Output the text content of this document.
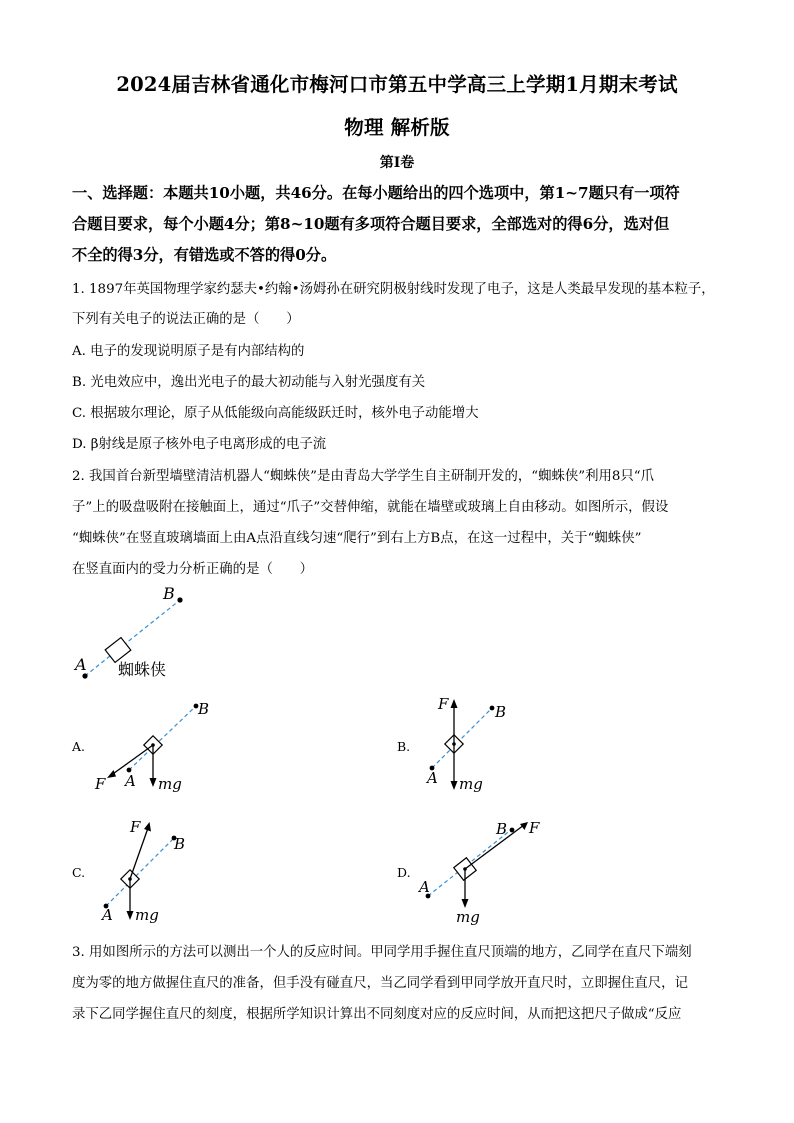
2024届吉林省通化市梅河口市第五中学高三上学期1月期末考试
物理 解析版
第Ⅰ卷
一、选择题：本题共10小题，共46分。在每小题给出的四个选项中，第1~7题只有一项符
合题目要求，每个小题4分；第8~10题有多项符合题目要求，全部选对的得6分，选对但
不全的得3分，有错选或不答的得0分。
1. 1897年英国物理学家约瑟夫•约翰•汤姆孙在研究阴极射线时发现了电子，这是人类最早发现的基本粒子，
下列有关电子的说法正确的是（　　）
A. 电子的发现说明原子是有内部结构的
B. 光电效应中，逸出光电子的最大初动能与入射光强度有关
C. 根据玻尔理论，原子从低能级向高能级跃迁时，核外电子动能增大
D. β射线是原子核外电子电离形成的电子流
2. 我国首台新型墙壁清洁机器人“蜘蛛侠”是由青岛大学学生自主研制开发的，“蜘蛛侠”利用8只“爪
子”上的吸盘吸附在接触面上，通过“爪子”交替伸缩，就能在墙壁或玻璃上自由移动。如图所示，假设
“蜘蛛侠”在竖直玻璃墙面上由A点沿直线匀速“爬行”到右上方B点，在这一过程中，关于“蜘蛛侠”
在竖直面内的受力分析正确的是（　　）
A
B
蜘蛛侠
A.
B
A mg
F
B.
F	B
A mg
C.
F
B
A mg
D.
B F
A
mg
3. 用如图所示的方法可以测出一个人的反应时间。甲同学用手握住直尺顶端的地方，乙同学在直尺下端刻
度为零的地方做握住直尺的准备，但手没有碰直尺，当乙同学看到甲同学放开直尺时，立即握住直尺，记
录下乙同学握住直尺的刻度，根据所学知识计算出不同刻度对应的反应时间，从而把这把尺子做成“反应
